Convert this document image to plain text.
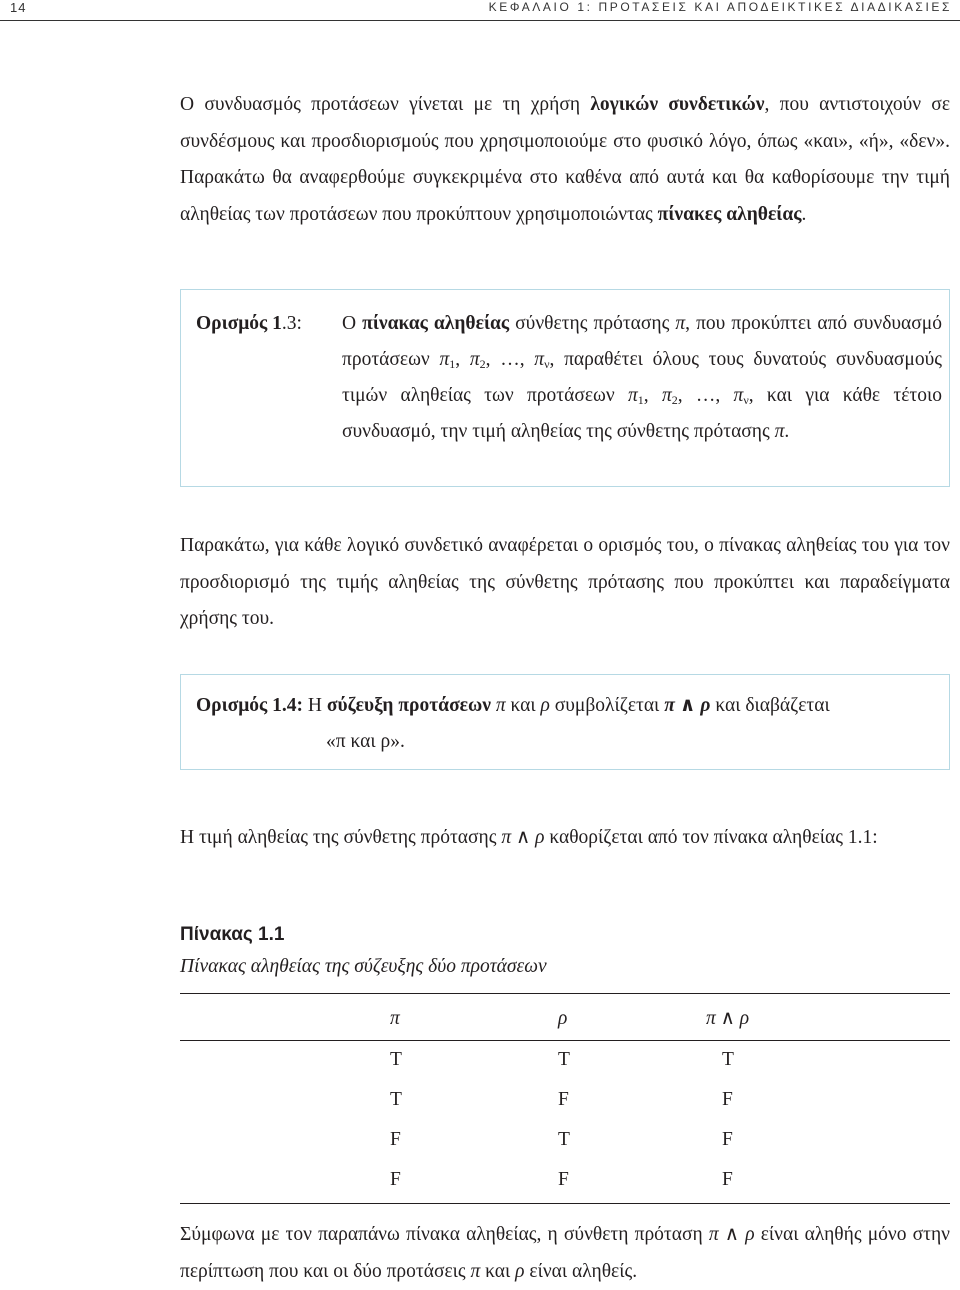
14	ΚΕΦΑΛΑΙΟ 1: ΠΡΟΤΑΣΕΙΣ ΚΑΙ ΑΠΟΔΕΙΚΤΙΚΕΣ ΔΙΑΔΙΚΑΣΙΕΣ

Ο συνδυασμός προτάσεων γίνεται με τη χρήση λογικών συνδετικών, που αντιστοιχούν σε συνδέσμους και προσδιορισμούς που χρησιμοποιούμε στο φυσικό λόγο, όπως «και», «ή», «δεν». Παρακάτω θα αναφερθούμε συγκεκριμένα στο καθένα από αυτά και θα καθορίσουμε την τιμή αληθείας των προτάσεων που προκύπτουν χρησιμοποιώντας πίνακες αληθείας.

Ορισμός 1.3: Ο πίνακας αληθείας σύνθετης πρότασης π, που προκύπτει από συνδυασμό προτάσεων $\pi_1$, $\pi_2$, …, $\pi_\nu$, παραθέτει όλους τους δυνατούς συνδυασμούς τιμών αληθείας των προτάσεων $\pi_1$, $\pi_2$, …, $\pi_\nu$, και για κάθε τέτοιο συνδυασμό, την τιμή αληθείας της σύνθετης πρότασης π.

Παρακάτω, για κάθε λογικό συνδετικό αναφέρεται ο ορισμός του, ο πίνακας αληθείας του για τον προσδιορισμό της τιμής αληθείας της σύνθετης πρότασης που προκύπτει και παραδείγματα χρήσης του.

Ορισμός 1.4: Η σύζευξη προτάσεων π και ρ συμβολίζεται π ∧ ρ και διαβάζεται
«π και ρ».

Η τιμή αληθείας της σύνθετης πρότασης π ∧ ρ καθορίζεται από τον πίνακα αληθείας 1.1:

Πίνακας 1.1
Πίνακας αληθείας της σύζευξης δύο προτάσεων
π	ρ	π ∧ ρ
T	T	T
T	F	F
F	T	F
F	F	F

Σύμφωνα με τον παραπάνω πίνακα αληθείας, η σύνθετη πρόταση π ∧ ρ είναι αληθής μόνο στην περίπτωση που και οι δύο προτάσεις π και ρ είναι αληθείς.
